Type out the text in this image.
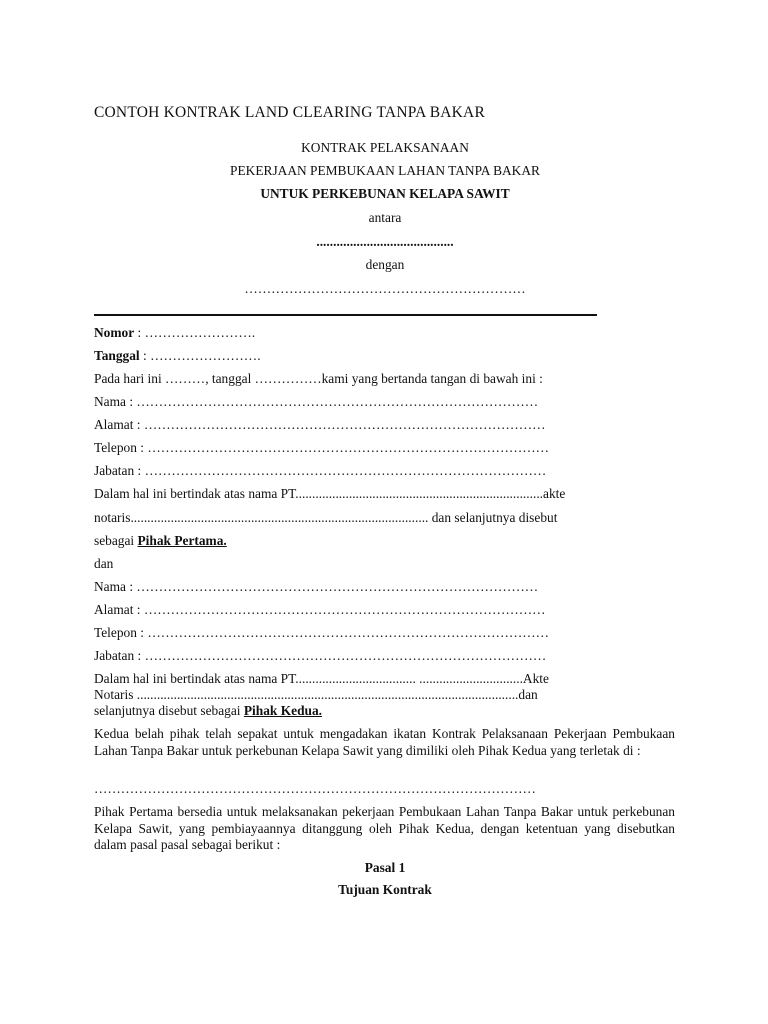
CONTOH KONTRAK LAND CLEARING TANPA BAKAR
KONTRAK PELAKSANAAN
PEKERJAAN PEMBUKAAN LAHAN TANPA BAKAR
UNTUK PERKEBUNAN KELAPA SAWIT
antara
.........................................
dengan
………………………………………………………
Nomor : …………………….
Tanggal : …………………….
Pada hari ini ………, tanggal ……………kami yang bertanda tangan di bawah ini :
Nama : ………………………………………………………………………………
Alamat : ………………………………………………………………………………
Telepon : ………………………………………………………………………………
Jabatan : ………………………………………………………………………………
Dalam hal ini bertindak atas nama PT..........................................................................akte
notaris......................................................................................... dan selanjutnya disebut
sebagai Pihak Pertama.
dan
Nama : ………………………………………………………………………………
Alamat : ………………………………………………………………………………
Telepon : ………………………………………………………………………………
Jabatan : ………………………………………………………………………………
Dalam hal ini bertindak atas nama PT.................................... ...............................Akte
Notaris ..................................................................................................................dan
selanjutnya disebut sebagai Pihak Kedua.
Kedua belah pihak telah sepakat untuk mengadakan ikatan Kontrak Pelaksanaan Pekerjaan Pembukaan Lahan Tanpa Bakar untuk perkebunan Kelapa Sawit yang dimiliki oleh Pihak Kedua yang terletak di :
………………………………………………………………………………………
Pihak Pertama bersedia untuk melaksanakan pekerjaan Pembukaan Lahan Tanpa Bakar untuk perkebunan Kelapa Sawit, yang pembiayaannya ditanggung oleh Pihak Kedua, dengan ketentuan yang disebutkan dalam pasal pasal sebagai berikut :
Pasal 1
Tujuan Kontrak
